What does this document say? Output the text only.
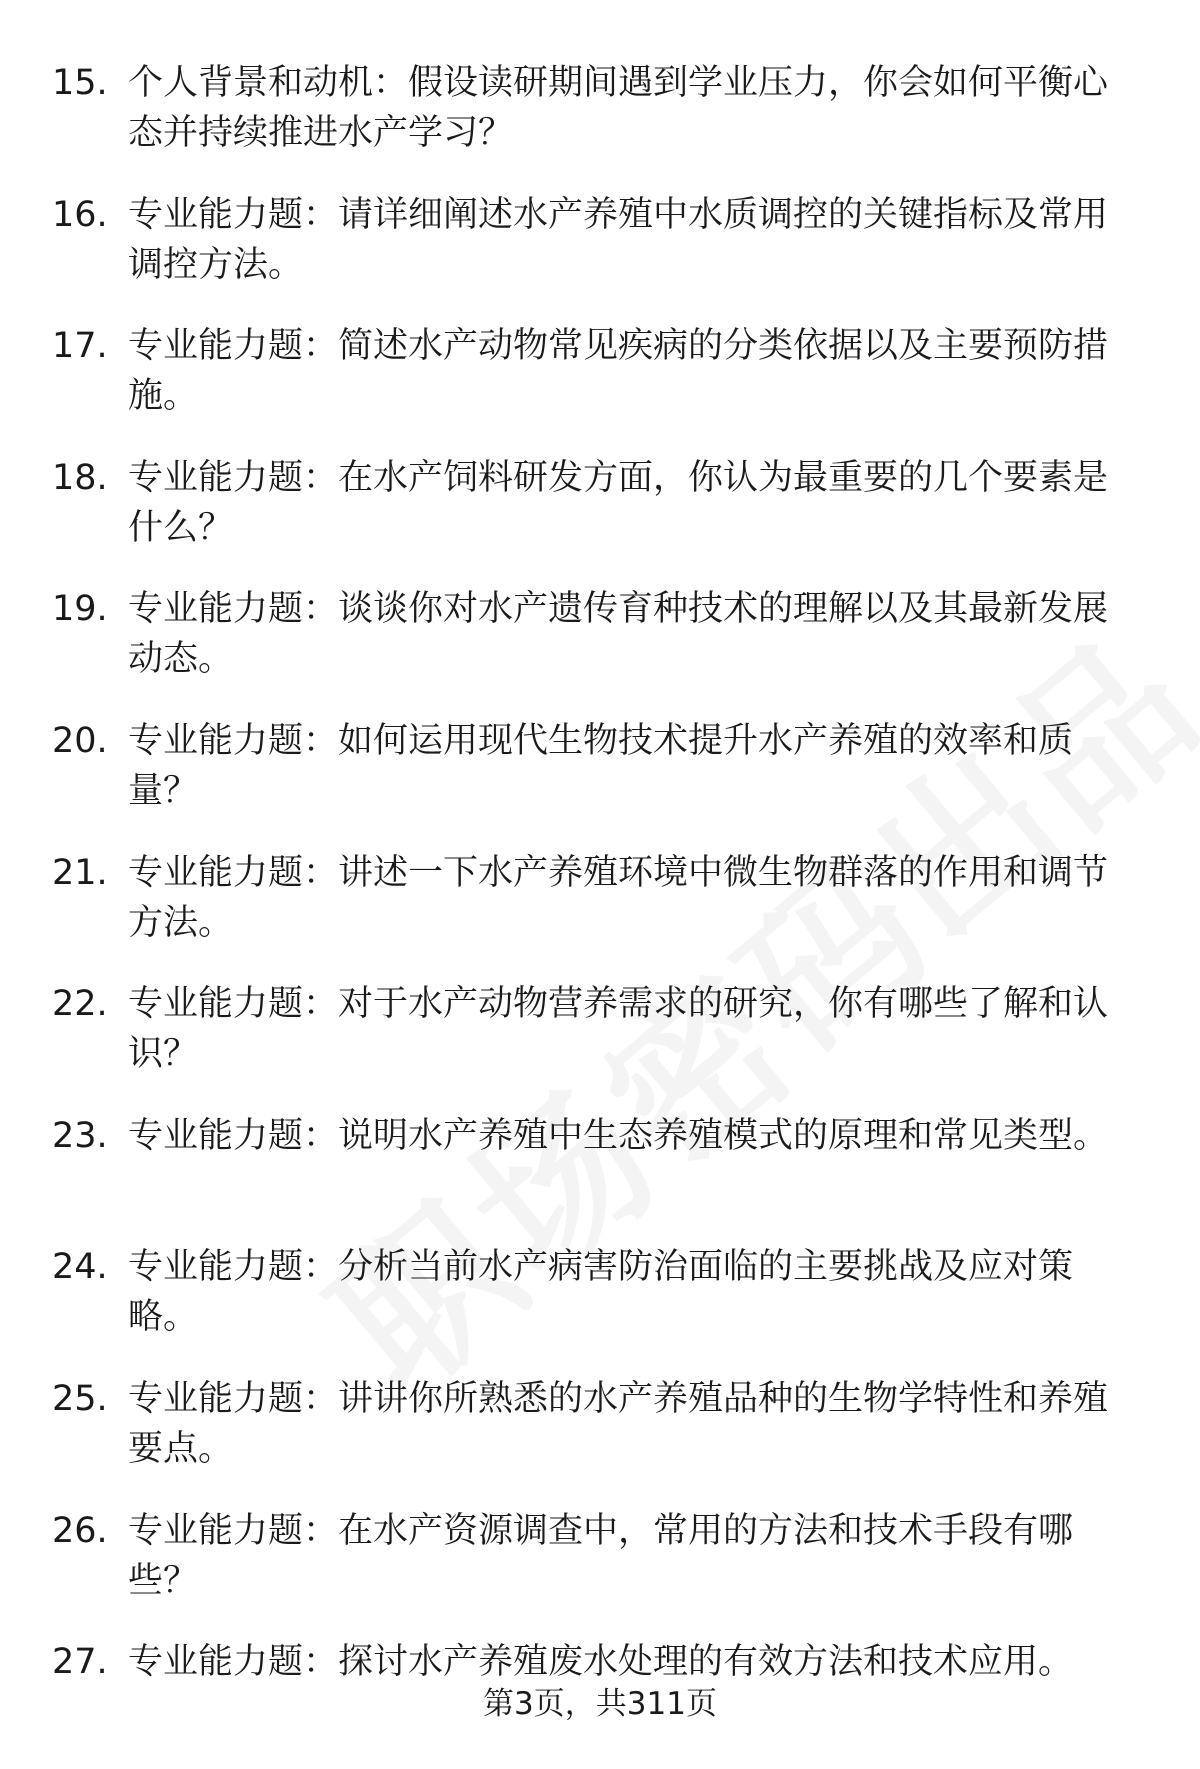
15. 个人背景和动机：假设读研期间遇到学业压力，你会如何平衡心态并持续推进水产学习？
16. 专业能力题：请详细阐述水产养殖中水质调控的关键指标及常用调控方法。
17. 专业能力题：简述水产动物常见疾病的分类依据以及主要预防措施。
18. 专业能力题：在水产饲料研发方面，你认为最重要的几个要素是什么？
19. 专业能力题：谈谈你对水产遗传育种技术的理解以及其最新发展动态。
20. 专业能力题：如何运用现代生物技术提升水产养殖的效率和质量？
21. 专业能力题：讲述一下水产养殖环境中微生物群落的作用和调节方法。
22. 专业能力题：对于水产动物营养需求的研究，你有哪些了解和认识？
23. 专业能力题：说明水产养殖中生态养殖模式的原理和常见类型。
24. 专业能力题：分析当前水产病害防治面临的主要挑战及应对策略。
25. 专业能力题：讲讲你所熟悉的水产养殖品种的生物学特性和养殖要点。
26. 专业能力题：在水产资源调查中，常用的方法和技术手段有哪些？
27. 专业能力题：探讨水产养殖废水处理的有效方法和技术应用。
第3页，共311页
